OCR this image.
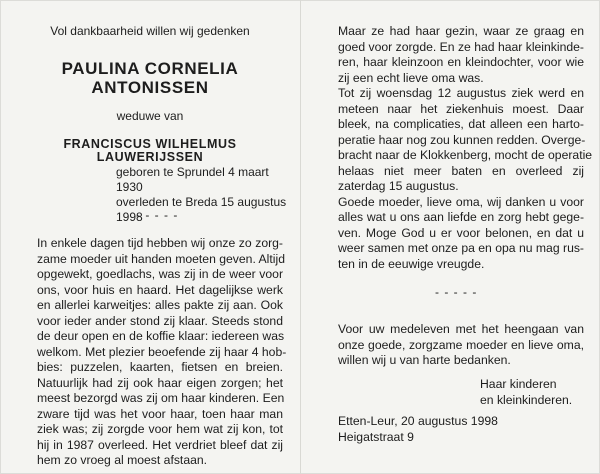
Vol dankbaarheid willen wij gedenken
PAULINA CORNELIA
ANTONISSEN
weduwe van
FRANCISCUS WILHELMUS
LAUWERIJSSEN
geboren te Sprundel 4 maart 1930
overleden te Breda 15 augustus 1998
- - - - -
In enkele dagen tijd hebben wij onze zo zorg-
zame moeder uit handen moeten geven. Altijd
opgewekt, goedlachs, was zij in de weer voor
ons, voor huis en haard. Het dagelijkse werk
en allerlei karweitjes: alles pakte zij aan. Ook
voor ieder ander stond zij klaar. Steeds stond
de deur open en de koffie klaar: iedereen was
welkom. Met plezier beoefende zij haar 4 hob-
bies: puzzelen, kaarten, fietsen en breien.
Natuurlijk had zij ook haar eigen zorgen; het
meest bezorgd was zij om haar kinderen. Een
zware tijd was het voor haar, toen haar man
ziek was; zij zorgde voor hem wat zij kon, tot
hij in 1987 overleed. Het verdriet bleef dat zij
hem zo vroeg al moest afstaan.
Maar ze had haar gezin, waar ze graag en
goed voor zorgde. En ze had haar kleinkinde-
ren, haar kleinzoon en kleindochter, voor wie
zij een echt lieve oma was.
Tot zij woensdag 12 augustus ziek werd en
meteen naar het ziekenhuis moest. Daar
bleek, na complicaties, dat alleen een harto-
peratie haar nog zou kunnen redden. Overge-
bracht naar de Klokkenberg, mocht de operatie
helaas niet meer baten en overleed zij
zaterdag 15 augustus.
Goede moeder, lieve oma, wij danken u voor
alles wat u ons aan liefde en zorg hebt gege-
ven. Moge God u er voor belonen, en dat u
weer samen met onze pa en opa nu mag rus-
ten in de eeuwige vreugde.
- - - - -
Voor uw medeleven met het heengaan van
onze goede, zorgzame moeder en lieve oma,
willen wij u van harte bedanken.
Haar kinderen
en kleinkinderen.
Etten-Leur, 20 augustus 1998
Heigatstraat 9
